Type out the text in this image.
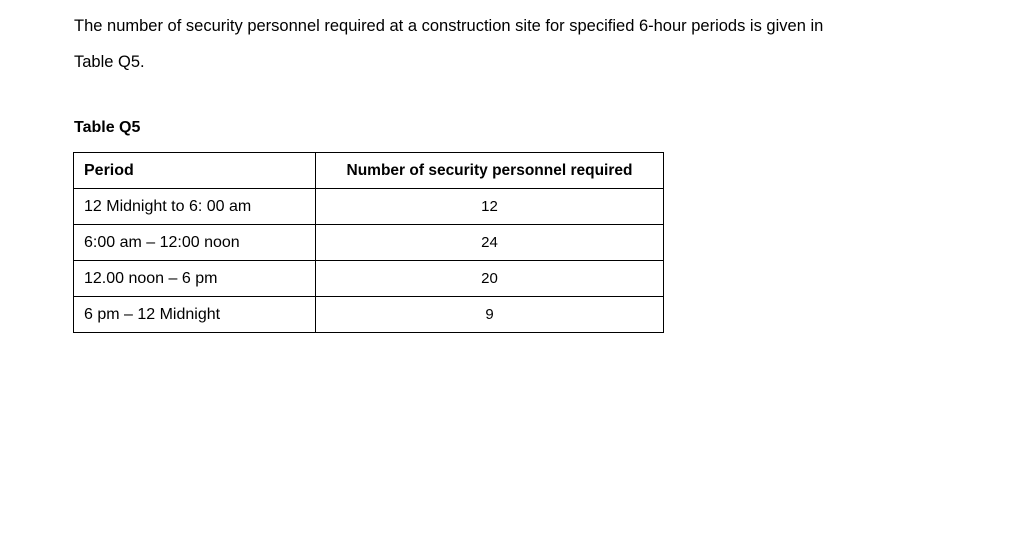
The number of security personnel required at a construction site for specified 6-hour periods is given in
Table Q5.

Table Q5

Period	Number of security personnel required
12 Midnight to 6: 00 am	12
6:00 am – 12:00 noon	24
12.00 noon – 6 pm	20
6 pm – 12 Midnight	9
